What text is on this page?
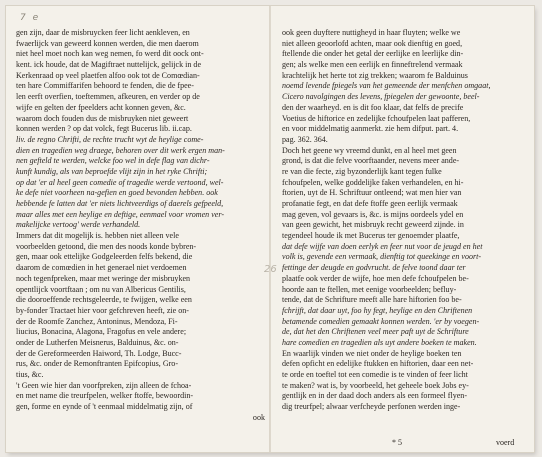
7 e
gen zijn, daar de misbruycken feer licht aenkleven, en
fwaerlijck van geweerd konnen werden, die men daerom
niet heel moet noch kan weg nemen, fo werd dit oock ont-
kent. ick houde, dat de Magiftraet nuttelijck, gelijck in de
Kerkenraad op veel plaetfen alfoo ook tot de Comœdian-
ten hare Commiffarifen behoord te fenden, die de fpee-
len eerft overfien, toeftemmen, afkeuren, en verder op de
wijfe en gelten der fpeelders acht konnen geven, &c.
waarom doch fouden dus de misbruyken niet geweert
konnen werden ? op dat volck, fegt Bucerus lib. ii.cap.
liv. de regno Chrifti, de rechte trucht wyt de heylige come-
dien en tragedien weg draege, behoren over dit werk ergen man-
nen gefteld te werden, welcke foo wel in defe flag van dichr-
kunft kundig, als van beproefde vlijt zijn in het ryke Chrifti;
op dat 'er al heel geen comedie of tragedie werde vertoond, wel-
ke defe niet voorheen na-gefien en goed bevonden hebben. ook
hebbende fe latten dat 'er niets lichtveerdigs of daerels gefpeeld,
maar alles met een heylige en deftige, eenmael voor vromen ver-
makelijcke vertoog' werde verhandeld.
Immers dat dit mogelijk is. hebben niet alleen vele
voorbeelden getoond, die men des noods konde bybren-
gen, maar ook ettelijke Godgeleerden felfs bekend, die
daarom de comœdien in het generael niet verdoemen
noch tegenfpreken, maar met weringe der misbruyken
opentlijck voortftaan ; om nu van Albericus Gentilis,
die dooroeffende rechtsgeleerde, te fwijgen, welke een
by-fonder Tractaet hier voor gefchreven heeft, zie on-
der de Roomfe Zanchez, Antoninus, Mendoza, Fi-
liucius, Bonacina, Alagona, Fragofus en vele andere;
onder de Lutherfen Meisnerus, Balduinus, &c. on-
der de Gereformeerden Haiword, Th. Lodge, Bucc-
rus, &c. onder de Remonftranten Epifcopius, Gro-
tius, &c.
't Geen wie hier dan voorfpreken, zijn alleen de fchoa-
en met name die treurfpelen, welker ftoffe, bewoordin-
gen, forme en eynde of 't eenmaal middelmatig zijn, of
ook
26
ook geen duyftere nuttigheyd in haar fluyten; welke we
niet alleen geoorlofd achten, maar ook dienftig en goed,
ftellende die onder het getal der eerlijke en leerlijke din-
gen; als welke men een eerlijk en finneftrelend vermaak
krachtelijk het herte tot zig trekken; waarom fe Balduinus
noemd levende fpiegels van het gemeende der menfchen omgaat,
Cicero navolgingen des levens, fpiegelen der gewoonte, beel-
den der waarheyd. en is dit foo klaar, dat felfs de precife
Voetius de hiftorice en zedelijke fchoufpelen laat pafferen,
en voor middelmatig aanmerkt. zie hem difput. part. 4.
pag. 362. 364.
Doch het geene wy vreemd dunkt, en al heel met geen
grond, is dat die felve voorftaander, nevens meer ande-
re van die fecte, zig byzonderlijk kant tegen fulke
fchoufpelen, welke goddelijke faken verhandelen, en hi-
ftorien, uyt de H. Schriftuur ontleend; wat men hier van
profanatie fegt, en dat defe ftoffe geen eerlijk vermaak
mag geven, vol gevaars is, &c. is mijns oordeels ydel en
van geen gewicht, het misbruyk recht geweerd zijnde. in
tegendeel houde ik met Bucerus ter genoemder plaatfe,
dat defe wijfe van doen eerlyk en feer nut voor de jeugd en het
volk is, gevende een vermaak, dienftig tot queekinge en voort-
fettinge der deugde en godvrucht. de felve toond daar ter
plaatfe ook verder de wijfe, hoe men defe fchoufpelen be-
hoorde aan te ftellen, met eenige voorbeelden; befluy-
tende, dat de Schrifture meeft alle hare hiftorien foo be-
fchrijft, dat daar uyt, foo hy fegt, heylige en den Chriftenen
betamende comedien gemaakt konnen werden. 'er by voegen-
de, dat het den Chriftenen veel meer paft uyt de Schrifture
hare comedien en tragedien als uyt andere boeken te maken.
En waarlijk vinden we niet onder de heylige boeken ten
defen opficht en edelijke ftukken en hiftorien, daar een net-
te orde en toeftel tot een comedie is te vinden of feer licht
te maken? wat is, by voorbeeld, het geheele boek Jobs ey-
gentlijk en in der daad doch anders als een formeel flyen-
dig treurfpel; alwaar verfcheyde perfonen werden inge-
* 5	voerd
